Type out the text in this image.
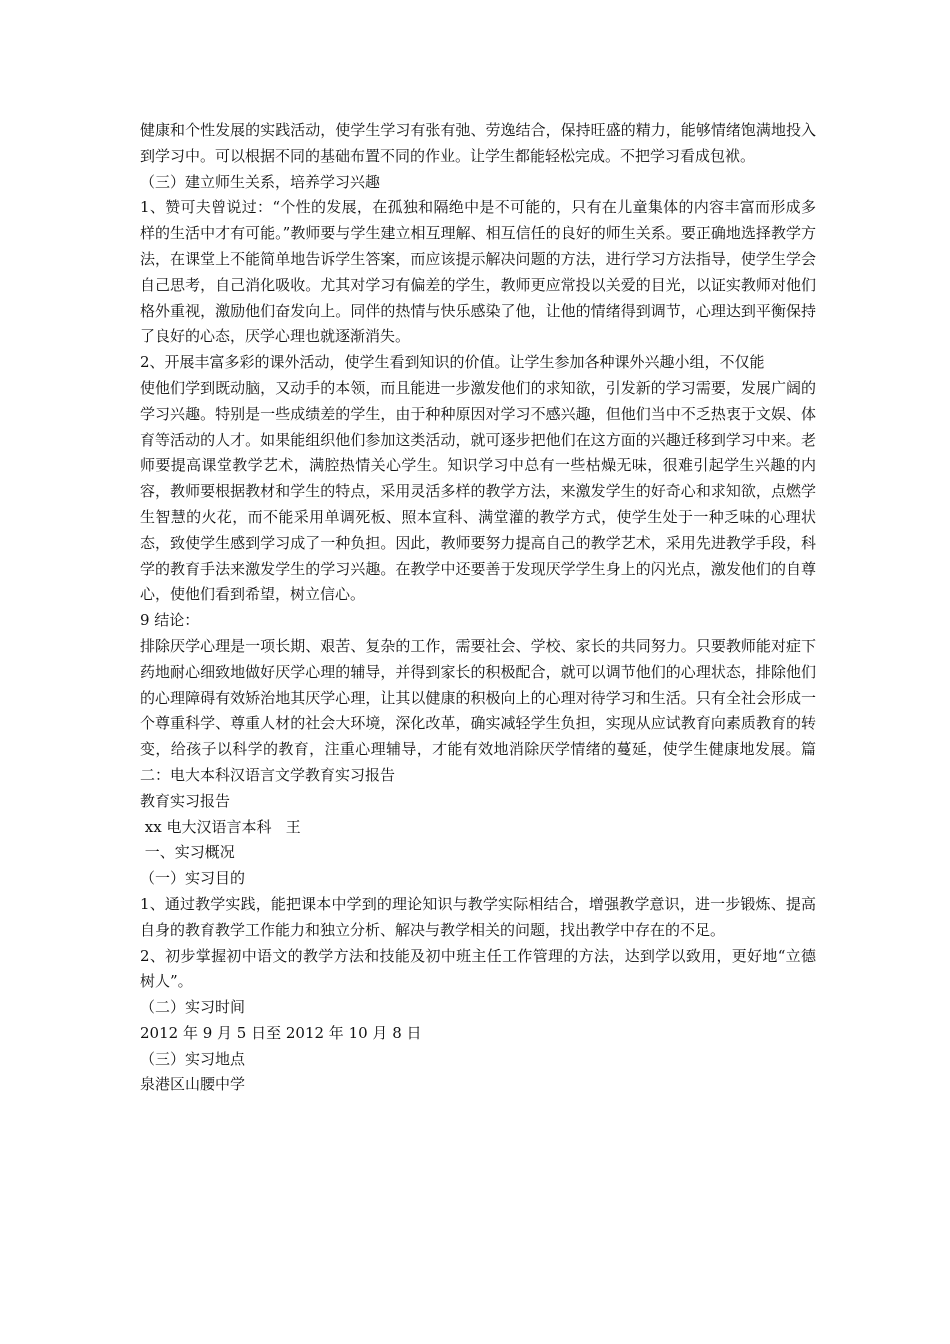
健康和个性发展的实践活动，使学生学习有张有弛、劳逸结合，保持旺盛的精力，能够情绪饱满地投入到学习中。可以根据不同的基础布置不同的作业。让学生都能轻松完成。不把学习看成包袱。

（三）建立师生关系，培养学习兴趣

1、赞可夫曾说过：“个性的发展，在孤独和隔绝中是不可能的，只有在儿童集体的内容丰富而形成多样的生活中才有可能。”教师要与学生建立相互理解、相互信任的良好的师生关系。要正确地选择教学方法，在课堂上不能简单地告诉学生答案，而应该提示解决问题的方法，进行学习方法指导，使学生学会自己思考，自己消化吸收。尤其对学习有偏差的学生，教师更应常投以关爱的目光，以证实教师对他们格外重视，激励他们奋发向上。同伴的热情与快乐感染了他，让他的情绪得到调节，心理达到平衡保持了良好的心态，厌学心理也就逐渐消失。

2、开展丰富多彩的课外活动，使学生看到知识的价值。让学生参加各种课外兴趣小组，不仅能

使他们学到既动脑，又动手的本领，而且能进一步激发他们的求知欲，引发新的学习需要，发展广阔的学习兴趣。特别是一些成绩差的学生，由于种种原因对学习不感兴趣，但他们当中不乏热衷于文娱、体育等活动的人才。如果能组织他们参加这类活动，就可逐步把他们在这方面的兴趣迁移到学习中来。老师要提高课堂教学艺术，满腔热情关心学生。知识学习中总有一些枯燥无味，很难引起学生兴趣的内容，教师要根据教材和学生的特点，采用灵活多样的教学方法，来激发学生的好奇心和求知欲，点燃学生智慧的火花，而不能采用单调死板、照本宣科、满堂灌的教学方式，使学生处于一种乏味的心理状态，致使学生感到学习成了一种负担。因此，教师要努力提高自己的教学艺术，采用先进教学手段，科学的教育手法来激发学生的学习兴趣。在教学中还要善于发现厌学学生身上的闪光点，激发他们的自尊心，使他们看到希望，树立信心。

9 结论：

排除厌学心理是一项长期、艰苦、复杂的工作，需要社会、学校、家长的共同努力。只要教师能对症下药地耐心细致地做好厌学心理的辅导，并得到家长的积极配合，就可以调节他们的心理状态，排除他们的心理障碍有效矫治地其厌学心理，让其以健康的积极向上的心理对待学习和生活。只有全社会形成一个尊重科学、尊重人材的社会大环境，深化改革，确实减轻学生负担，实现从应试教育向素质教育的转变，给孩子以科学的教育，注重心理辅导，才能有效地消除厌学情绪的蔓延，使学生健康地发展。篇二：电大本科汉语言文学教育实习报告

教育实习报告

xx 电大汉语言本科   王

一、实习概况

（一）实习目的

1、通过教学实践，能把课本中学到的理论知识与教学实际相结合，增强教学意识，进一步锻炼、提高自身的教育教学工作能力和独立分析、解决与教学相关的问题，找出教学中存在的不足。

2、初步掌握初中语文的教学方法和技能及初中班主任工作管理的方法，达到学以致用，更好地“立德树人”。

（二）实习时间

2012 年 9 月 5 日至 2012 年 10 月 8 日

（三）实习地点

泉港区山腰中学
